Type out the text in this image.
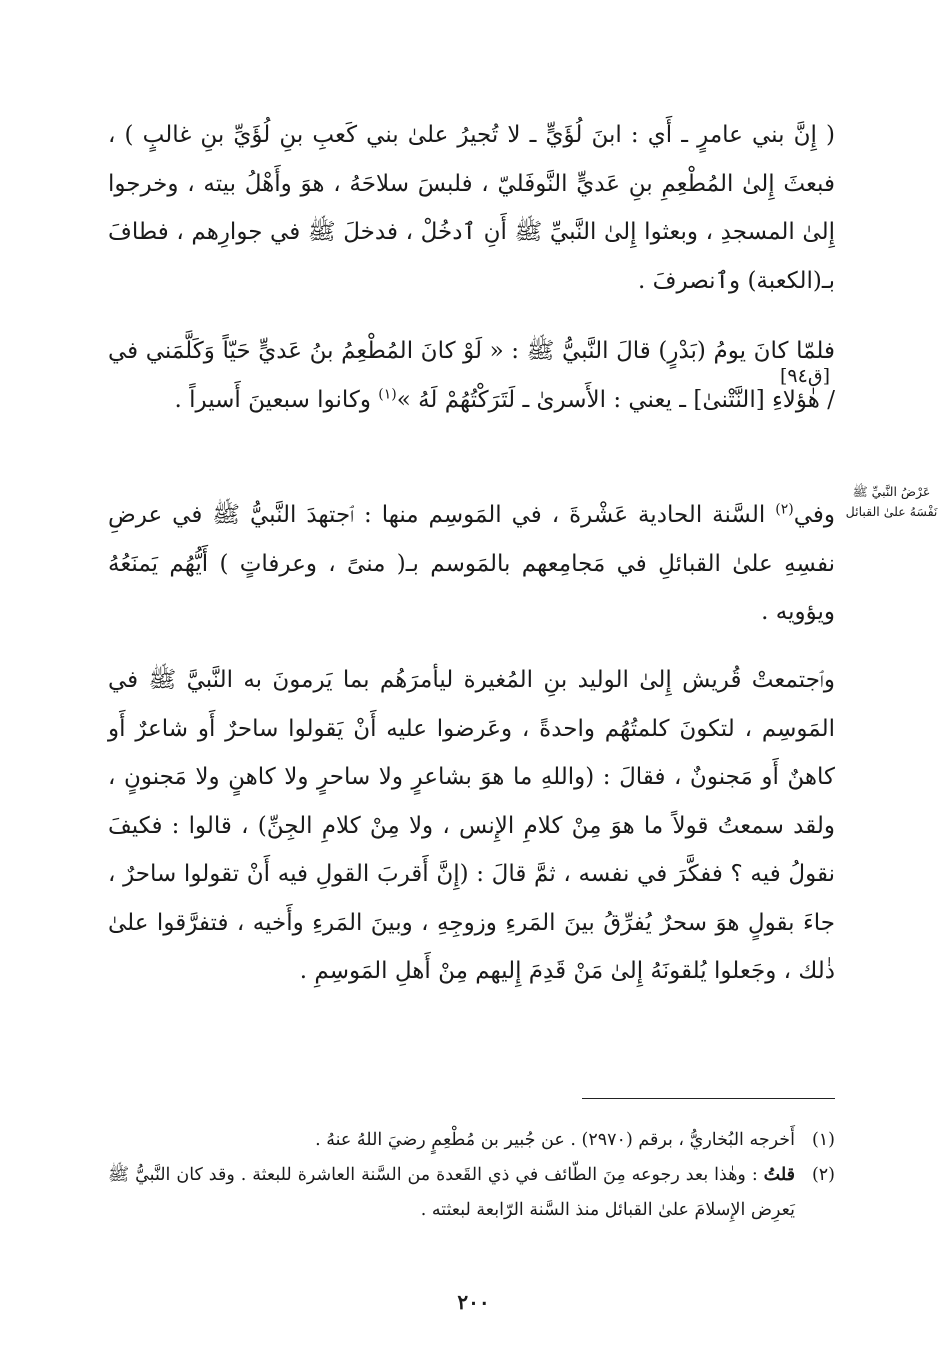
( إِنَّ بني عامرٍ ـ أَي : ابنَ لُؤَيٍّ ـ لا تُجيرُ علىٰ بني كَعبِ بنِ لُؤَيِّ بنِ غالبٍ ) ، فبعثَ إِلىٰ المُطْعِمِ بنِ عَديٍّ النَّوفَليّ ، فلبسَ سلاحَهُ ، هوَ وأَهْلُ بيته ، وخرجوا إِلىٰ المسجدِ ، وبعثوا إِلىٰ النَّبيِّ ﷺ أَنِ ٱدخُلْ ، فدخلَ ﷺ في جوارِهم ، فطافَ بـ(الكعبة) وٱنصرفَ .

فلمّا كانَ يومُ (بَدْرٍ) قالَ النَّبيُّ ﷺ : « لَوْ كانَ المُطْعِمُ بنُ عَديٍّ حَيّاً وَكَلَّمَني في / هٰؤلاءِ [النَّتْنىٰ] ـ يعني : الأَسرىٰ ـ لَتَرَكْتُهُمْ لَهُ »$^{(١)}$ وكانوا سبعينَ أَسيراً .

[ق٩٤]

وفي$^{(٢)}$ السَّنة الحادية عَشْرةَ ، في المَوسِم منها : ٱجتهدَ النَّبيُّ ﷺ في عرضِ نفسِهِ علىٰ القبائلِ في مَجامِعهم بالمَوسم بـ( منىً ، وعرفاتٍ ) أَيُّهُم يَمنَعُهُ ويؤويه .

عَرْضُ النَّبيِّ ﷺ نَفْسَهُ علىٰ القبائل

وٱجتمعتْ قُريش إِلىٰ الوليد بنِ المُغيرة ليأمرَهُم بما يَرمونَ به النَّبيَّ ﷺ في المَوسِم ، لتكونَ كلمتُهُم واحدةً ، وعَرضوا عليه أَنْ يَقولوا ساحرٌ أَو شاعرٌ أَو كاهنٌ أَو مَجنونٌ ، فقالَ : (واللهِ ما هوَ بشاعرٍ ولا ساحرٍ ولا كاهنٍ ولا مَجنونٍ ، ولقد سمعتُ قولاً ما هوَ مِنْ كلامِ الإِنس ، ولا مِنْ كلامِ الجِنِّ) ، قالوا : فكيفَ نقولُ فيه ؟ ففكَّرَ في نفسه ، ثمَّ قالَ : (إِنَّ أَقربَ القولِ فيه أَنْ تقولوا ساحرٌ ، جاءَ بقولٍ هوَ سحرٌ يُفرِّقُ بينَ المَرءِ وزوجِهِ ، وبينَ المَرءِ وأَخيه ، فتفرَّقوا علىٰ ذٰلك ، وجَعلوا يُلقونَهُ إِلىٰ مَنْ قَدِمَ إِليهم مِنْ أَهلِ المَوسِمِ .

(١)
أَخرجه البُخاريُّ ، برقم (٢٩٧٠) . عن جُبير بن مُطْعِمٍ رضيَ اللهُ عنهُ .
(٢)
قلتُ : وهٰذا بعد رجوعه مِنَ الطّائف في ذي القَعدة من السَّنة العاشرة للبعثة . وقد كان النَّبيُّ ﷺ يَعرِض الإِسلامَ علىٰ القبائل منذ السَّنة الرّابعة لبعثته .
٢٠٠
